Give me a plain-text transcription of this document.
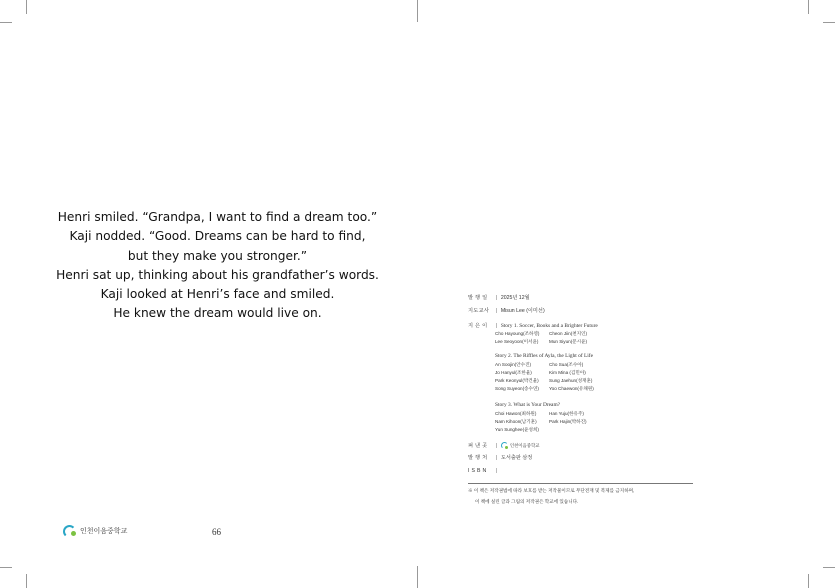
Henri smiled. “Grandpa, I want to find a dream too.”
Kaji nodded. “Good. Dreams can be hard to find,
but they make you stronger.”
Henri sat up, thinking about his grandfather’s words.
Kaji looked at Henri’s face and smiled.
He knew the dream would live on.
인천이음중학교	66
발 행 일 | 2025년 12월
지도교사 | Misun Lee (이미선)
지 은 이 | Story 1. Soccer, Books and a Brighter Future
Cho Hayoung(조하영) Cheon Jiin(천지인)
Lee Seoyoon(이서윤) Mun Siyun(문시윤)
Story 2. The Riffles of Ayla, the Light of Life
An Soojin(안수진)	Cho Sua(조수아)
Jo Hanyul(조한율)	Kim Mina (김민아)
Park Keonyul(박건율) Sung Jaehun(성재훈)
Song Suyeon(송수연) Yoo Chaewon(유채원)
Story 3. What is Your Dream?
Choi Hawon(최하원)	Han Yuju(한유주)
Nam Kihoon(남기훈)	Park Hajin(박하진)
Yun Sunghee(윤성희)
펴 낸 곳 |	인천이음중학교
발 행 처 | 도서출판 삼정
I S B N |
※ 이 책은 저작권법에 따라 보호를 받는 저작물이므로 무단전재 및 복제를 금지하며,
이 책에 실린 글과 그림의 저작권은 학교에 있습니다.
